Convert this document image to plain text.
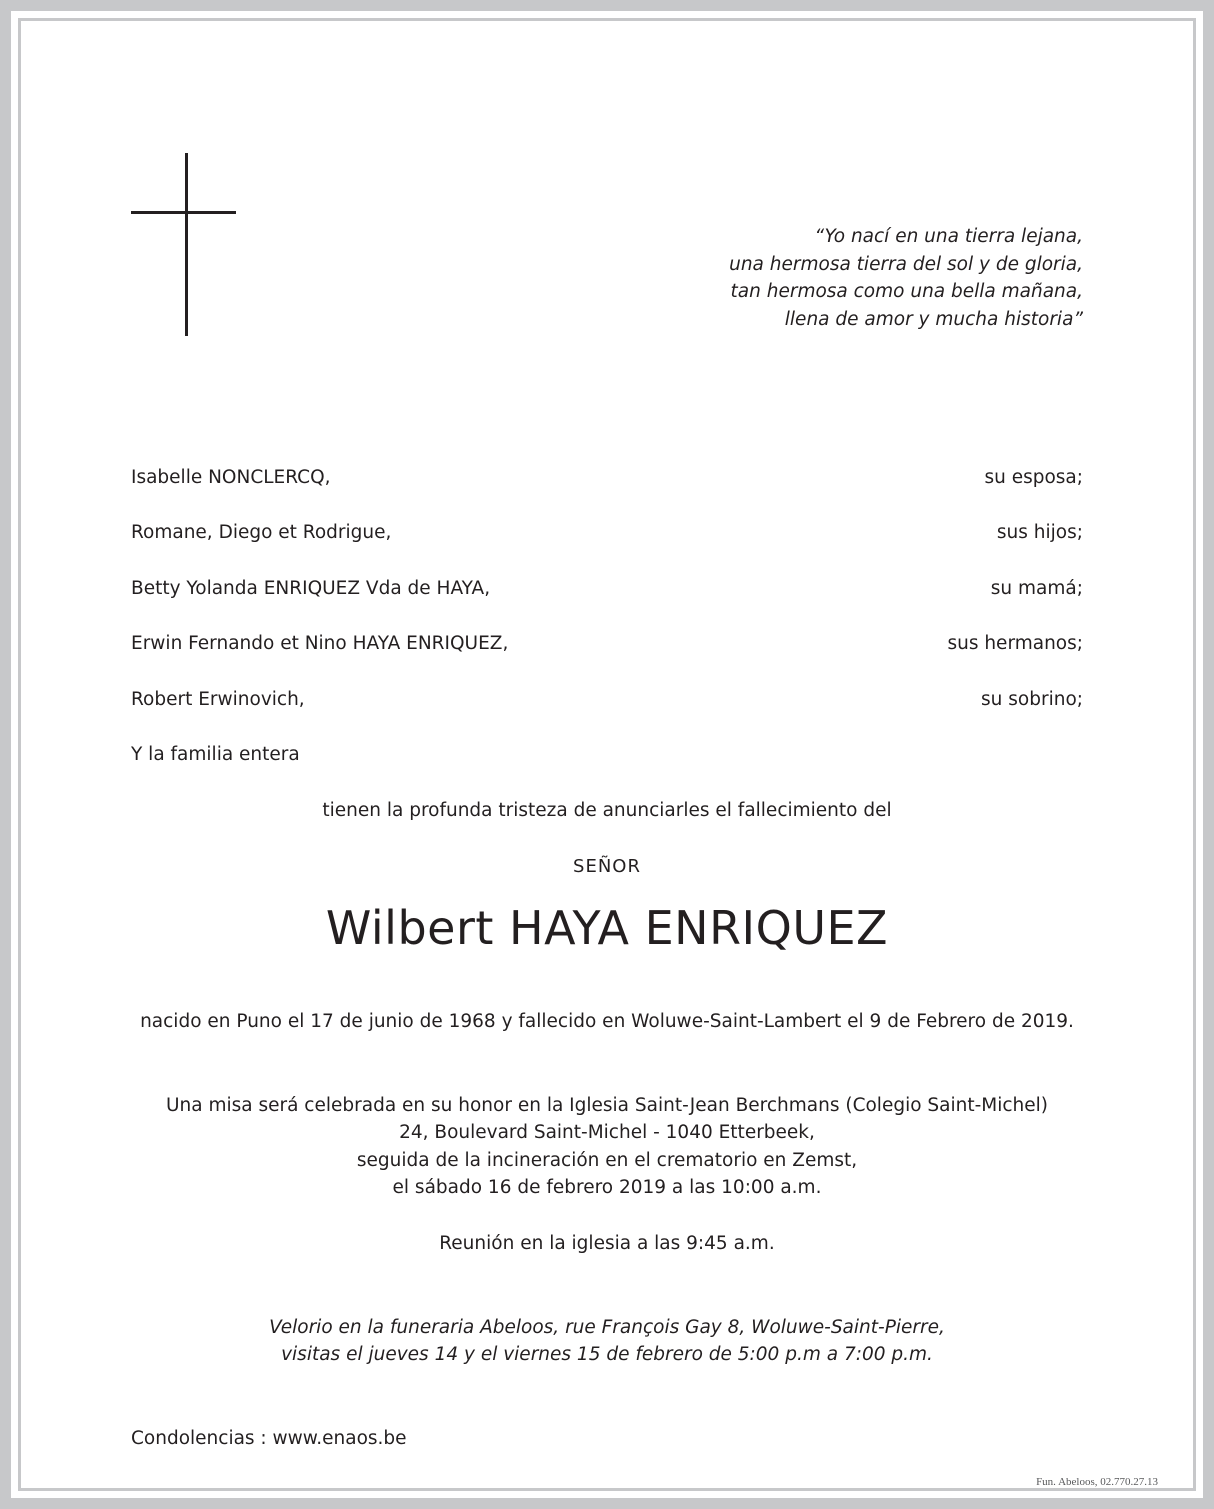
“Yo nací en una tierra lejana,
una hermosa tierra del sol y de gloria,
tan hermosa como una bella mañana,
llena de amor y mucha historia”
Isabelle NONCLERCQ,	su esposa;
Romane, Diego et Rodrigue,	sus hijos;
Betty Yolanda ENRIQUEZ Vda de HAYA,	su mamá;
Erwin Fernando et Nino HAYA ENRIQUEZ,	sus hermanos;
Robert Erwinovich,	su sobrino;
Y la familia entera
tienen la profunda tristeza de anunciarles el fallecimiento del
SEÑOR
Wilbert HAYA ENRIQUEZ
nacido en Puno el 17 de junio de 1968 y fallecido en Woluwe-Saint-Lambert el 9 de Febrero de 2019.
Una misa será celebrada en su honor en la Iglesia Saint-Jean Berchmans (Colegio Saint-Michel)
24, Boulevard Saint-Michel - 1040 Etterbeek,
seguida de la incineración en el crematorio en Zemst,
el sábado 16 de febrero 2019 a las 10:00 a.m.
Reunión en la iglesia a las 9:45 a.m.
Velorio en la funeraria Abeloos, rue François Gay 8, Woluwe-Saint-Pierre,
visitas el jueves 14 y el viernes 15 de febrero de 5:00 p.m a 7:00 p.m.
Condolencias : www.enaos.be
Fun. Abeloos, 02.770.27.13
